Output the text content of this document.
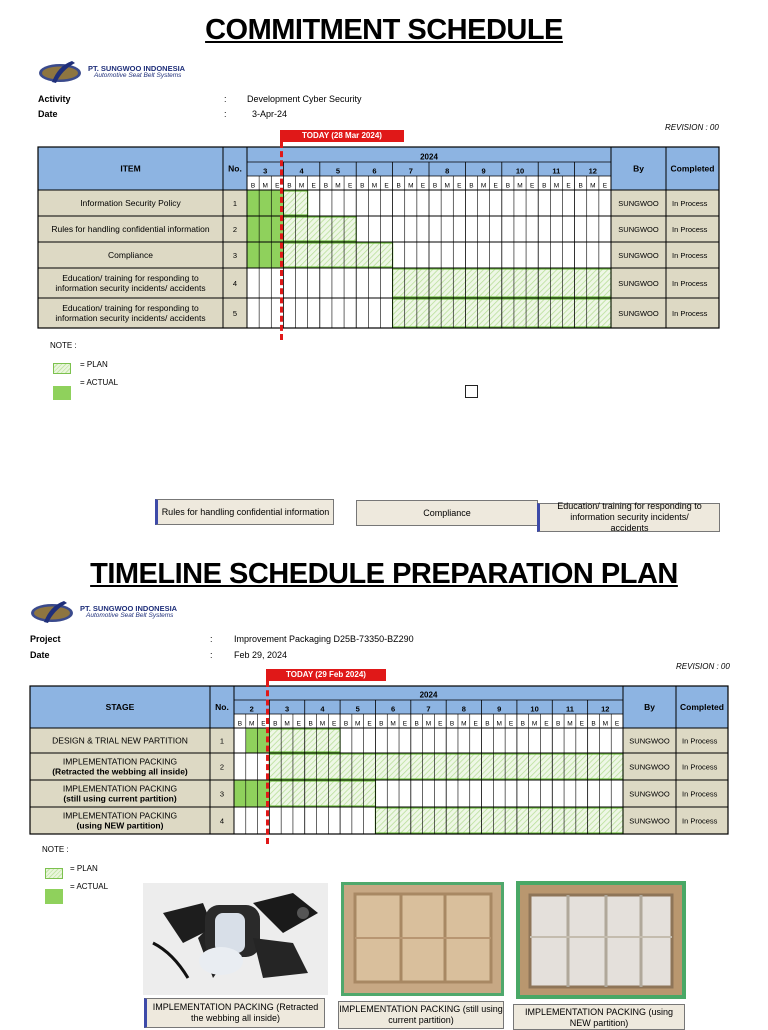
COMMITMENT SCHEDULE
PT. SUNGWOO INDONESIA
Automotive Seat Belt Systems
Activity	: Development Cyber Security
Date	:	3-Apr-24
REVISION : 00
TODAY (28 Mar 2024)
ITEM	No.	By	Completed
2024
3
B M E
4
B M E
5
B M E
6
B M E
7
B M E
8
B M E
9
B M E
10
B M E
11
B M E
12
B M E
Information Security Policy	1	SUNGWOO In Process
Rules for handling confidential information	2	SUNGWOO In Process
Compliance	3	SUNGWOO In Process
Education/ training for responding to
information security incidents/ accidents	4	SUNGWOO In Process
Education/ training for responding to
information security incidents/ accidents	5	SUNGWOO In Process
NOTE :
= PLAN
= ACTUAL
Rules for handling confidential information	Compliance
Education/ training for responding to information security incidents/ accidents
TIMELINE SCHEDULE PREPARATION PLAN
PT. SUNGWOO INDONESIA
Automotive Seat Belt Systems
Project	: Improvement Packaging D25B-73350-BZ290
Date	: Feb 29, 2024
REVISION : 00
TODAY (29 Feb 2024)
STAGE	No.	By	Completed
2024
2
B M E
3
B M E
4
B M E
5
B M E
6
B M E
7
B M E
8
B M E
9
B M E
10
B M E
11
B M E
12
B M E
DESIGN & TRIAL NEW PARTITION	1	SUNGWOO In Process
IMPLEMENTATION PACKING
(Retracted the webbing all inside)	2	SUNGWOO In Process
IMPLEMENTATION PACKING
(still using current partition)	3	SUNGWOO In Process
IMPLEMENTATION PACKING
(using NEW partition)	4	SUNGWOO In Process
NOTE :
= PLAN
= ACTUAL
IMPLEMENTATION PACKING (Retracted the webbing all inside)
IMPLEMENTATION PACKING (still using current partition)
IMPLEMENTATION PACKING (using NEW partition)
